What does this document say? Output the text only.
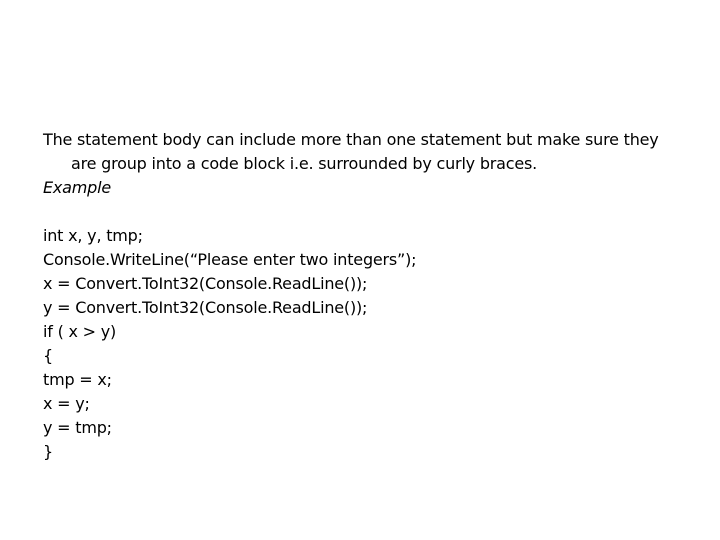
The statement body can include more than one statement but make sure they are group into a code block i.e. surrounded by curly braces.

Example

int x, y, tmp;

Console.WriteLine(“Please enter two integers”);

x = Convert.ToInt32(Console.ReadLine());

y = Convert.ToInt32(Console.ReadLine());

if ( x > y)

{

tmp = x;

x = y;

y = tmp;

}
